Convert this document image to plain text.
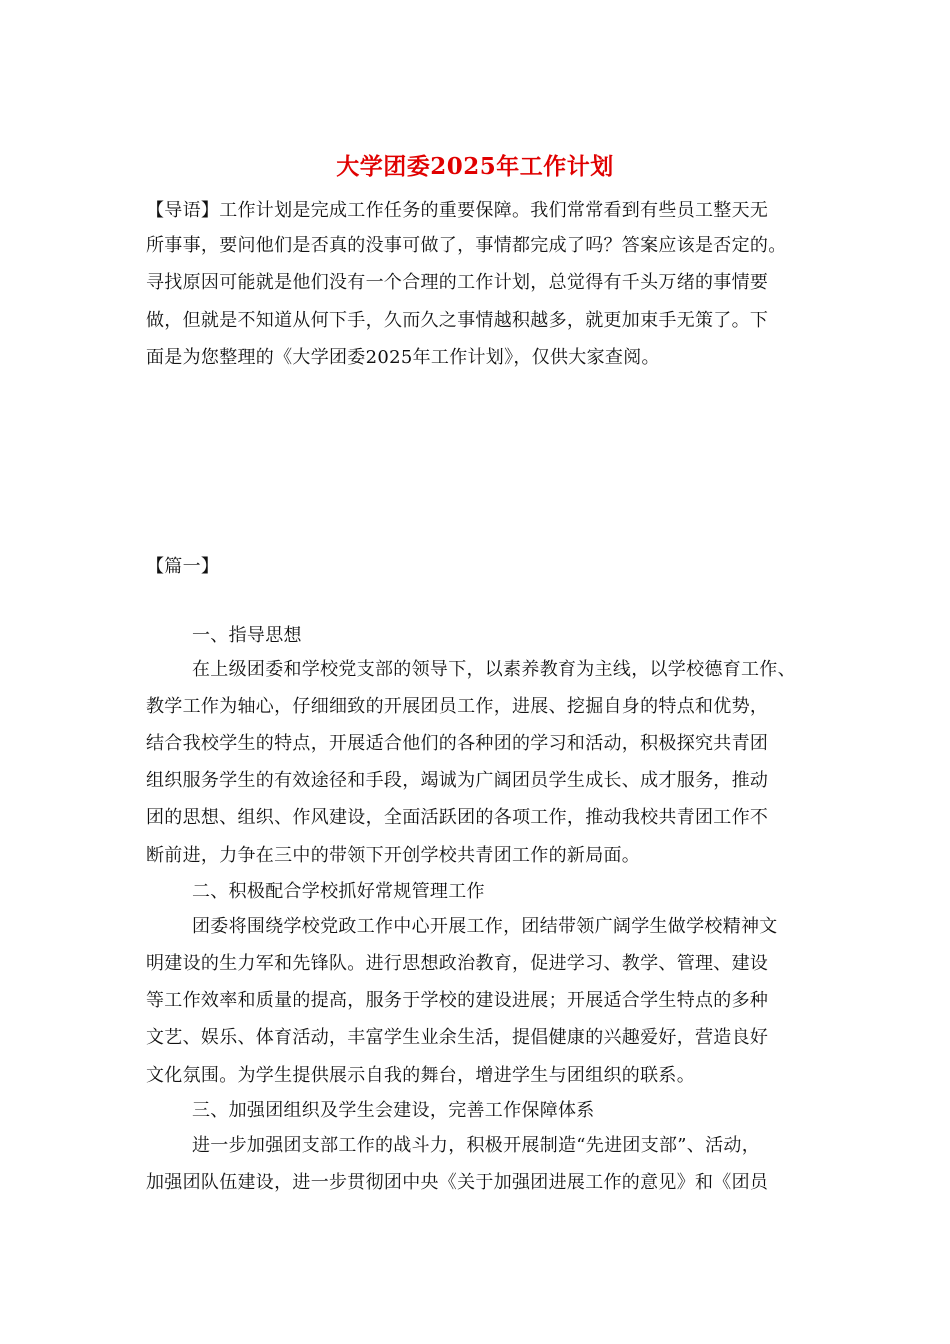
大学团委2025年工作计划
【导语】工作计划是完成工作任务的重要保障。我们常常看到有些员工整天无
所事事，要问他们是否真的没事可做了，事情都完成了吗？答案应该是否定的。
寻找原因可能就是他们没有一个合理的工作计划，总觉得有千头万绪的事情要
做，但就是不知道从何下手，久而久之事情越积越多，就更加束手无策了。下
面是为您整理的《大学团委2025年工作计划》，仅供大家查阅。
【篇一】
一、指导思想
在上级团委和学校党支部的领导下，以素养教育为主线，以学校德育工作、
教学工作为轴心，仔细细致的开展团员工作，进展、挖掘自身的特点和优势，
结合我校学生的特点，开展适合他们的各种团的学习和活动，积极探究共青团
组织服务学生的有效途径和手段，竭诚为广阔团员学生成长、成才服务，推动
团的思想、组织、作风建设，全面活跃团的各项工作，推动我校共青团工作不
断前进，力争在三中的带领下开创学校共青团工作的新局面。
二、积极配合学校抓好常规管理工作
团委将围绕学校党政工作中心开展工作，团结带领广阔学生做学校精神文
明建设的生力军和先锋队。进行思想政治教育，促进学习、教学、管理、建设
等工作效率和质量的提高，服务于学校的建设进展；开展适合学生特点的多种
文艺、娱乐、体育活动，丰富学生业余生活，提倡健康的兴趣爱好，营造良好
文化氛围。为学生提供展示自我的舞台，增进学生与团组织的联系。
三、加强团组织及学生会建设，完善工作保障体系
进一步加强团支部工作的战斗力，积极开展制造“先进团支部”、活动，
加强团队伍建设，进一步贯彻团中央《关于加强团进展工作的意见》和《团员
